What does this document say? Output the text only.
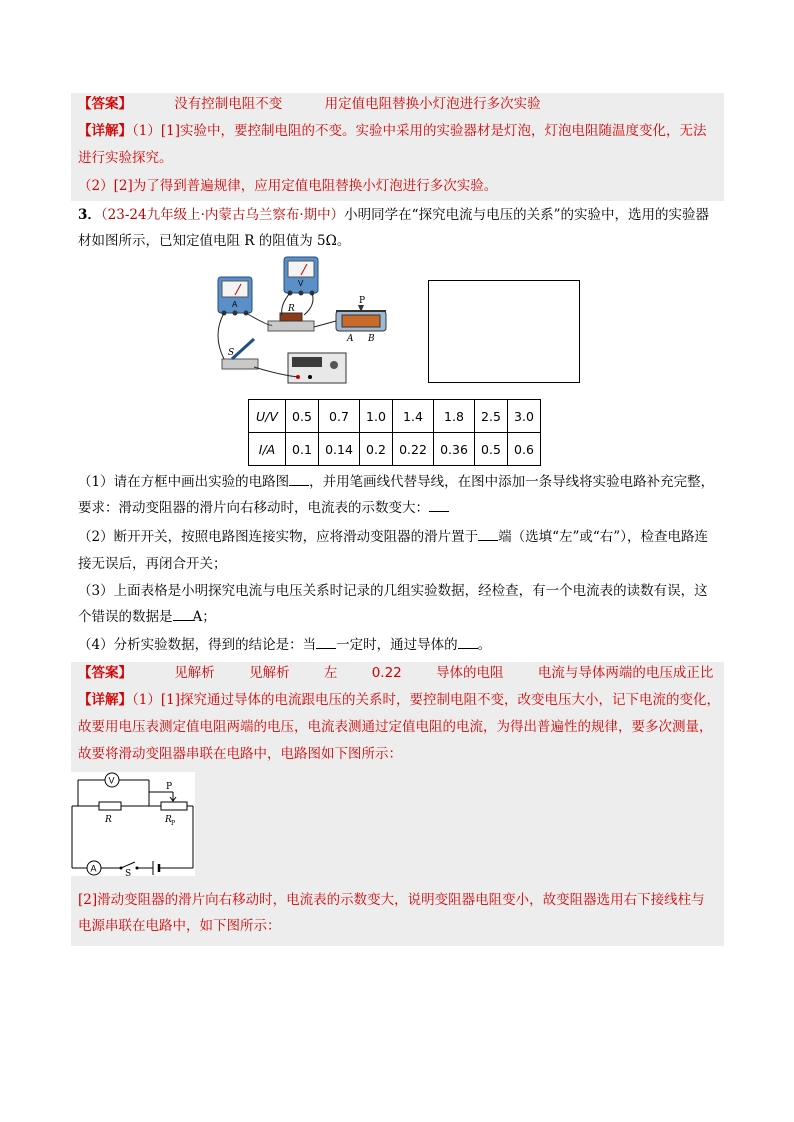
【答案】	没有控制电阻不变	用定值电阻替换小灯泡进行多次实验
【详解】（1）[1]实验中，要控制电阻的不变。实验中采用的实验器材是灯泡，灯泡电阻随温度变化，无法
进行实验探究。
（2）[2]为了得到普遍规律，应用定值电阻替换小灯泡进行多次实验。
3．（23-24九年级上·内蒙古乌兰察布·期中）小明同学在“探究电流与电压的关系”的实验中，选用的实验器
材如图所示，已知定值电阻 R 的阻值为 5Ω。
A
V
R
P
A B
S
U/V	0.5	0.7	1.0	1.4	1.8	2.5	3.0
I/A	0.1	0.14	0.2	0.22	0.36	0.5	0.6
（1）请在方框中画出实验的电路图 ，并用笔画线代替导线，在图中添加一条导线将实验电路补充完整，
要求：滑动变阻器的滑片向右移动时，电流表的示数变大：
（2）断开开关，按照电路图连接实物，应将滑动变阻器的滑片置于 端（选填“左”或“右”），检查电路连
接无误后，再闭合开关；
（3）上面表格是小明探究电流与电压关系时记录的几组实验数据，经检查，有一个电流表的读数有误，这
个错误的数据是 A；
（4）分析实验数据，得到的结论是：当 一定时，通过导体的 。
【答案】	见解析	见解析	左	0.22	导体的电阻	电流与导体两端的电压成正比
【详解】（1）[1]探究通过导体的电流跟电压的关系时，要控制电阻不变，改变电压大小，记下电流的变化，
故要用电压表测定值电阻两端的电压，电流表测通过定值电阻的电流，为得出普遍性的规律，要多次测量，
故要将滑动变阻器串联在电路中，电路图如下图所示：
V
A
R
P
R P
S
[2]滑动变阻器的滑片向右移动时，电流表的示数变大，说明变阻器电阻变小，故变阻器选用右下接线柱与
电源串联在电路中，如下图所示：
